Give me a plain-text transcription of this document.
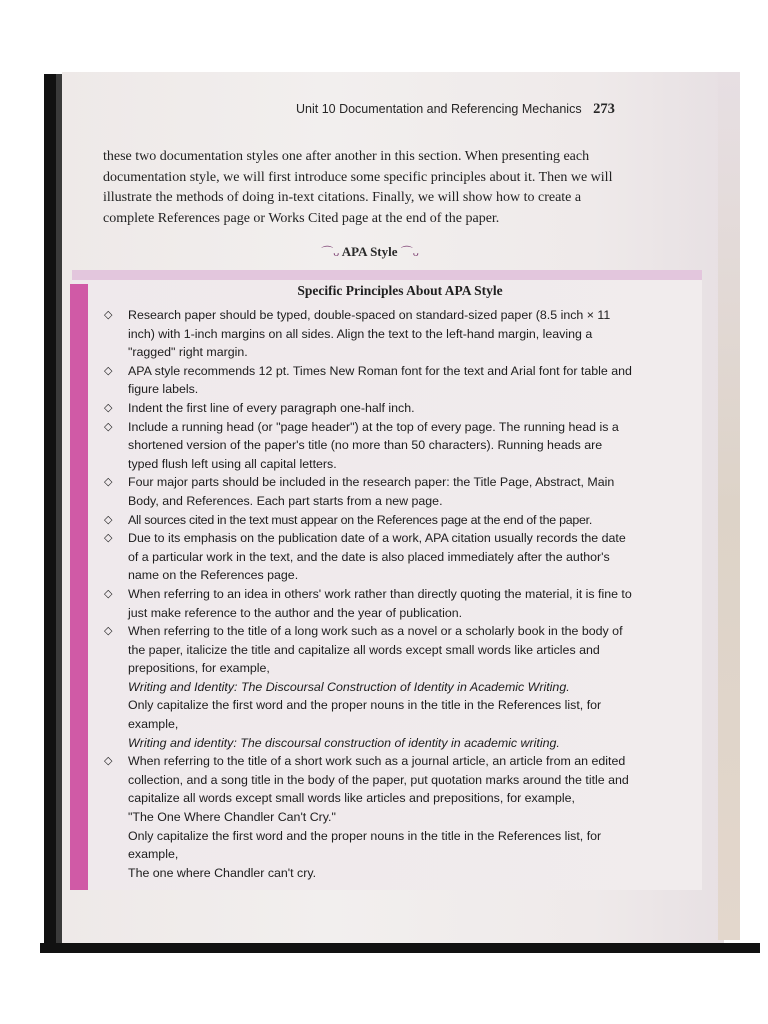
Unit 10 Documentation and Referencing Mechanics 273

these two documentation styles one after another in this section. When presenting each documentation style, we will first introduce some specific principles about it. Then we will illustrate the methods of doing in-text citations. Finally, we will show how to create a complete References page or Works Cited page at the end of the paper.

⌒ᴗ APA Style ⌒ᴗ
Specific Principles About APA Style
◇ Research paper should be typed, double-spaced on standard-sized paper (8.5 inch × 11 inch) with 1-inch margins on all sides. Align the text to the left-hand margin, leaving a "ragged" right margin.
◇ APA style recommends 12 pt. Times New Roman font for the text and Arial font for table and figure labels.
◇ Indent the first line of every paragraph one-half inch.
◇ Include a running head (or "page header") at the top of every page. The running head is a shortened version of the paper's title (no more than 50 characters). Running heads are typed flush left using all capital letters.
◇ Four major parts should be included in the research paper: the Title Page, Abstract, Main Body, and References. Each part starts from a new page.
◇ All sources cited in the text must appear on the References page at the end of the paper.
◇ Due to its emphasis on the publication date of a work, APA citation usually records the date of a particular work in the text, and the date is also placed immediately after the author's name on the References page.
◇ When referring to an idea in others' work rather than directly quoting the material, it is fine to just make reference to the author and the year of publication.
◇ When referring to the title of a long work such as a novel or a scholarly book in the body of the paper, italicize the title and capitalize all words except small words like articles and prepositions, for example,
Writing and Identity: The Discoursal Construction of Identity in Academic Writing.
Only capitalize the first word and the proper nouns in the title in the References list, for example,
Writing and identity: The discoursal construction of identity in academic writing.
◇ When referring to the title of a short work such as a journal article, an article from an edited collection, and a song title in the body of the paper, put quotation marks around the title and capitalize all words except small words like articles and prepositions, for example,
"The One Where Chandler Can't Cry."
Only capitalize the first word and the proper nouns in the title in the References list, for example,
The one where Chandler can't cry.
